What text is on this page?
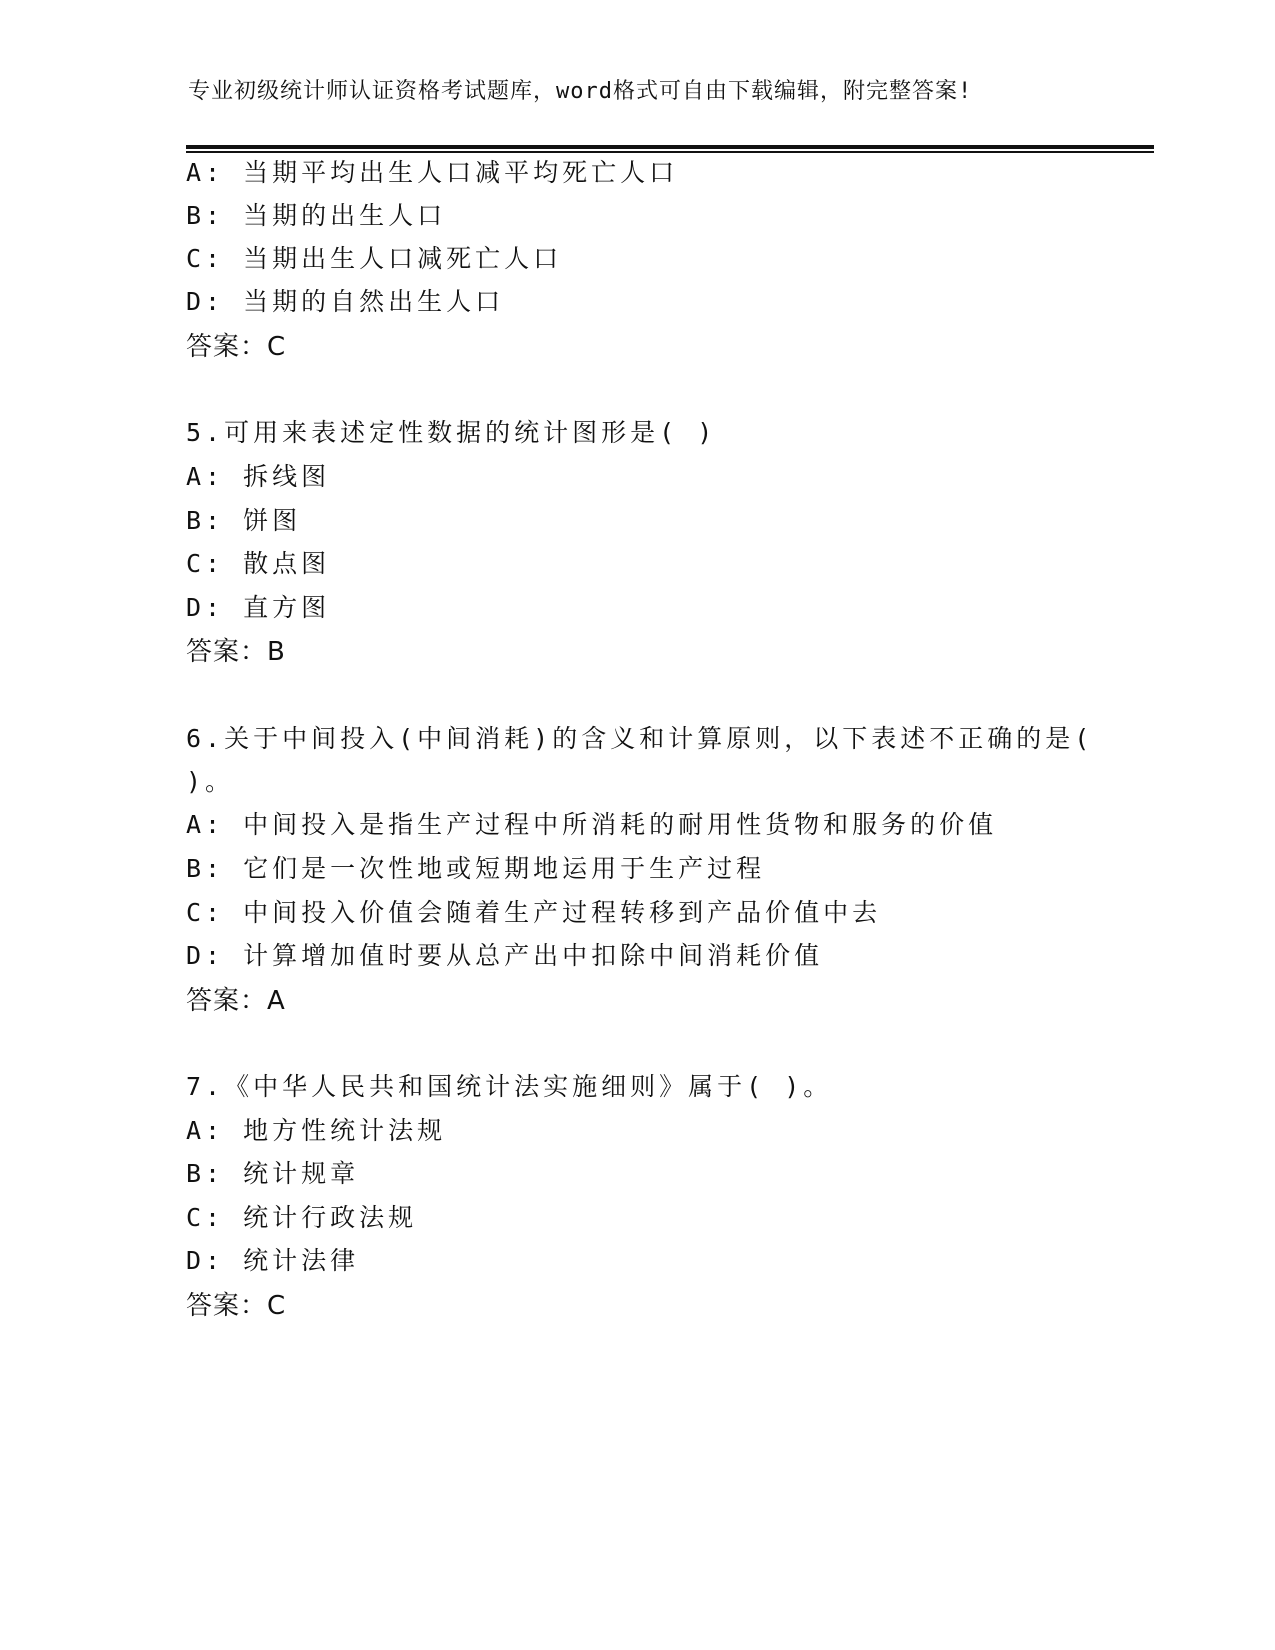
专业初级统计师认证资格考试题库，word格式可自由下载编辑，附完整答案!
A: 当期平均出生人口减平均死亡人口
B: 当期的出生人口
C: 当期出生人口减死亡人口
D: 当期的自然出生人口
答案：C
5.可用来表述定性数据的统计图形是( )
A: 拆线图
B: 饼图
C: 散点图
D: 直方图
答案：B
6.关于中间投入(中间消耗)的含义和计算原则，以下表述不正确的是(
)。
A: 中间投入是指生产过程中所消耗的耐用性货物和服务的价值
B: 它们是一次性地或短期地运用于生产过程
C: 中间投入价值会随着生产过程转移到产品价值中去
D: 计算增加值时要从总产出中扣除中间消耗价值
答案：A
7.《中华人民共和国统计法实施细则》属于( )。
A: 地方性统计法规
B: 统计规章
C: 统计行政法规
D: 统计法律
答案：C
